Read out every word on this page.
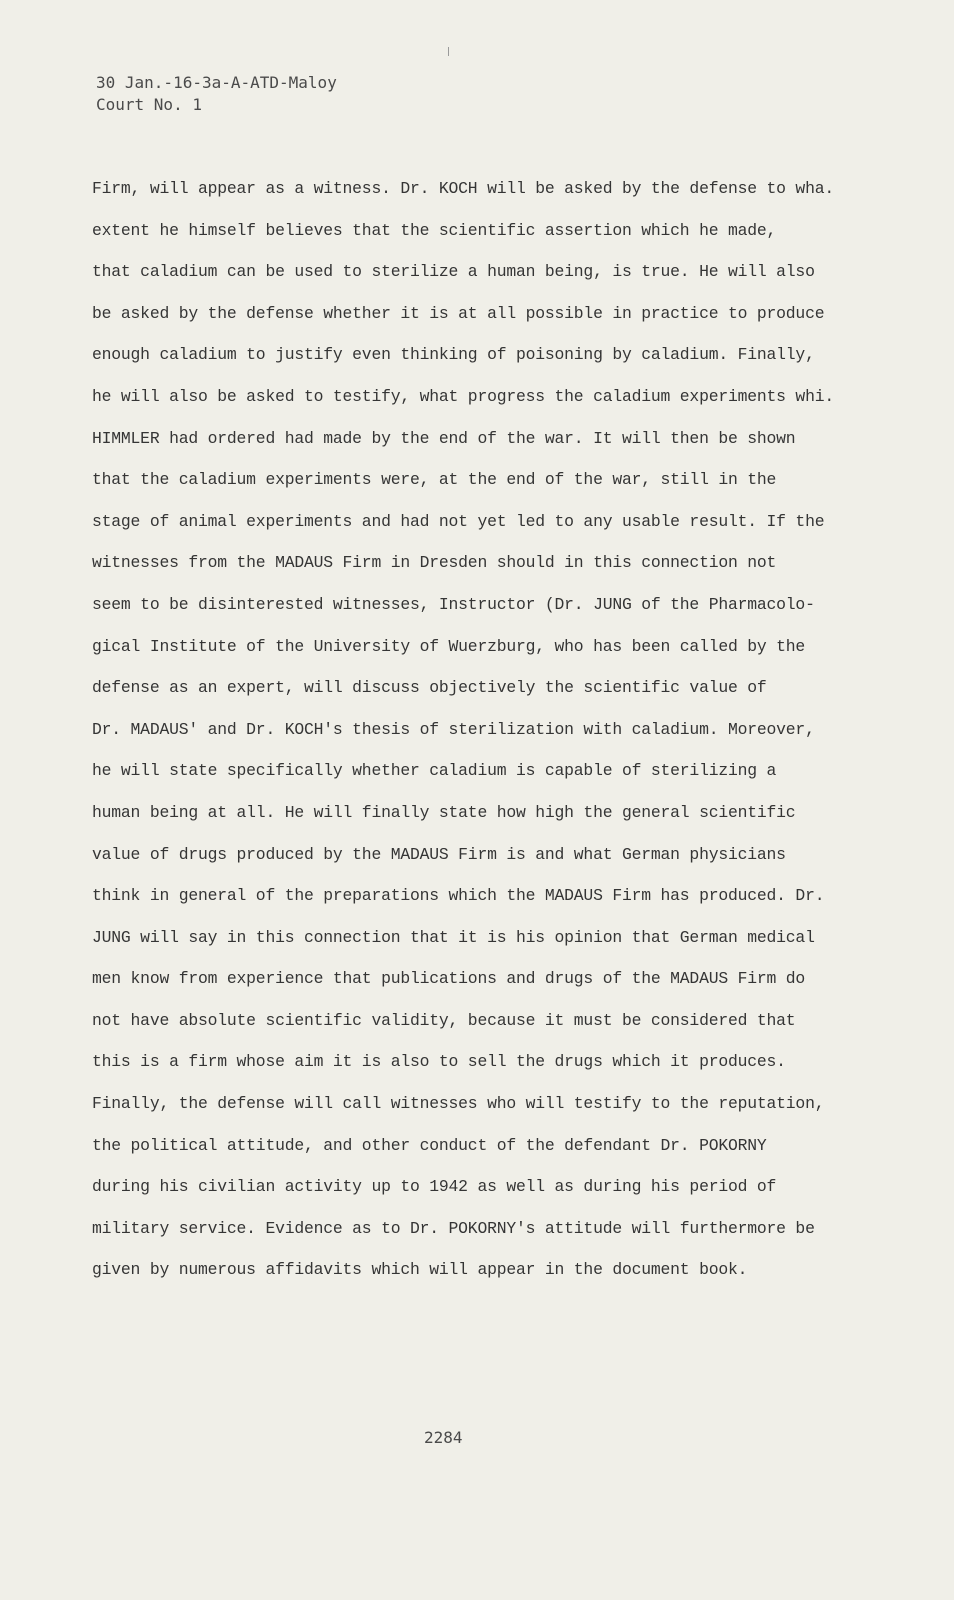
30 Jan.-16-3a-A-ATD-Maloy
Court No. 1
Firm, will appear as a witness. Dr. KOCH will be asked by the defense to wha.
extent he himself believes that the scientific assertion which he made,
that caladium can be used to sterilize a human being, is true. He will also
be asked by the defense whether it is at all possible in practice to produce
enough caladium to justify even thinking of poisoning by caladium. Finally,
he will also be asked to testify, what progress the caladium experiments whi.
HIMMLER had ordered had made by the end of the war. It will then be shown
that the caladium experiments were, at the end of the war, still in the
stage of animal experiments and had not yet led to any usable result. If the
witnesses from the MADAUS Firm in Dresden should in this connection not
seem to be disinterested witnesses, Instructor (Dr. JUNG of the Pharmacolo-
gical Institute of the University of Wuerzburg, who has been called by the
defense as an expert, will discuss objectively the scientific value of
Dr. MADAUS' and Dr. KOCH's thesis of sterilization with caladium. Moreover,
he will state specifically whether caladium is capable of sterilizing a
human being at all. He will finally state how high the general scientific
value of drugs produced by the MADAUS Firm is and what German physicians
think in general of the preparations which the MADAUS Firm has produced. Dr.
JUNG will say in this connection that it is his opinion that German medical
men know from experience that publications and drugs of the MADAUS Firm do
not have absolute scientific validity, because it must be considered that
this is a firm whose aim it is also to sell the drugs which it produces.
Finally, the defense will call witnesses who will testify to the reputation,
the political attitude, and other conduct of the defendant Dr. POKORNY
during his civilian activity up to 1942 as well as during his period of
military service. Evidence as to Dr. POKORNY's attitude will furthermore be
given by numerous affidavits which will appear in the document book.
2284
